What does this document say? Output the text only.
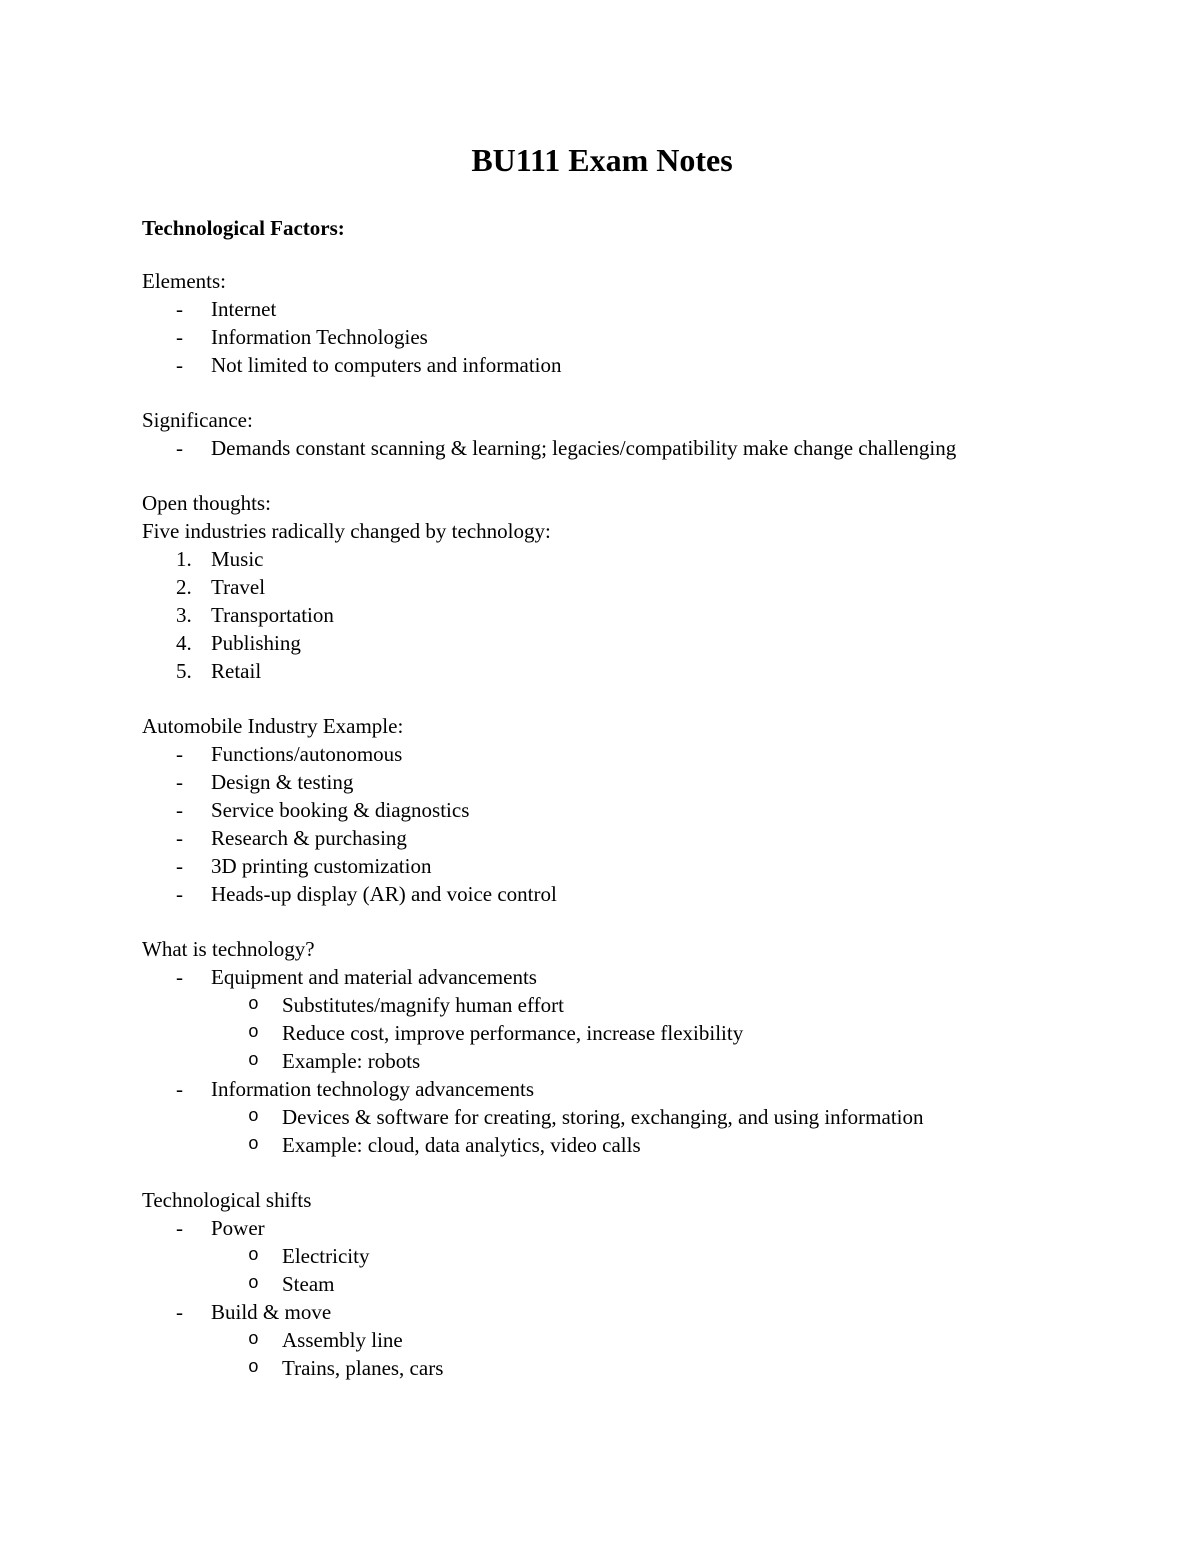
BU111 Exam Notes

Technological Factors:

Elements:

- Internet
- Information Technologies
- Not limited to computers and information

Significance:

- Demands constant scanning & learning; legacies/compatibility make change challenging

Open thoughts:

Five industries radically changed by technology:

1. Music
2. Travel
3. Transportation
4. Publishing
5. Retail

Automobile Industry Example:

- Functions/autonomous
- Design & testing
- Service booking & diagnostics
- Research & purchasing
- 3D printing customization
- Heads-up display (AR) and voice control

What is technology?

- Equipment and material advancements
o Substitutes/magnify human effort
o Reduce cost, improve performance, increase flexibility
o Example: robots
- Information technology advancements
o Devices & software for creating, storing, exchanging, and using information
o Example: cloud, data analytics, video calls

Technological shifts

- Power
o Electricity
o Steam
- Build & move
o Assembly line
o Trains, planes, cars
